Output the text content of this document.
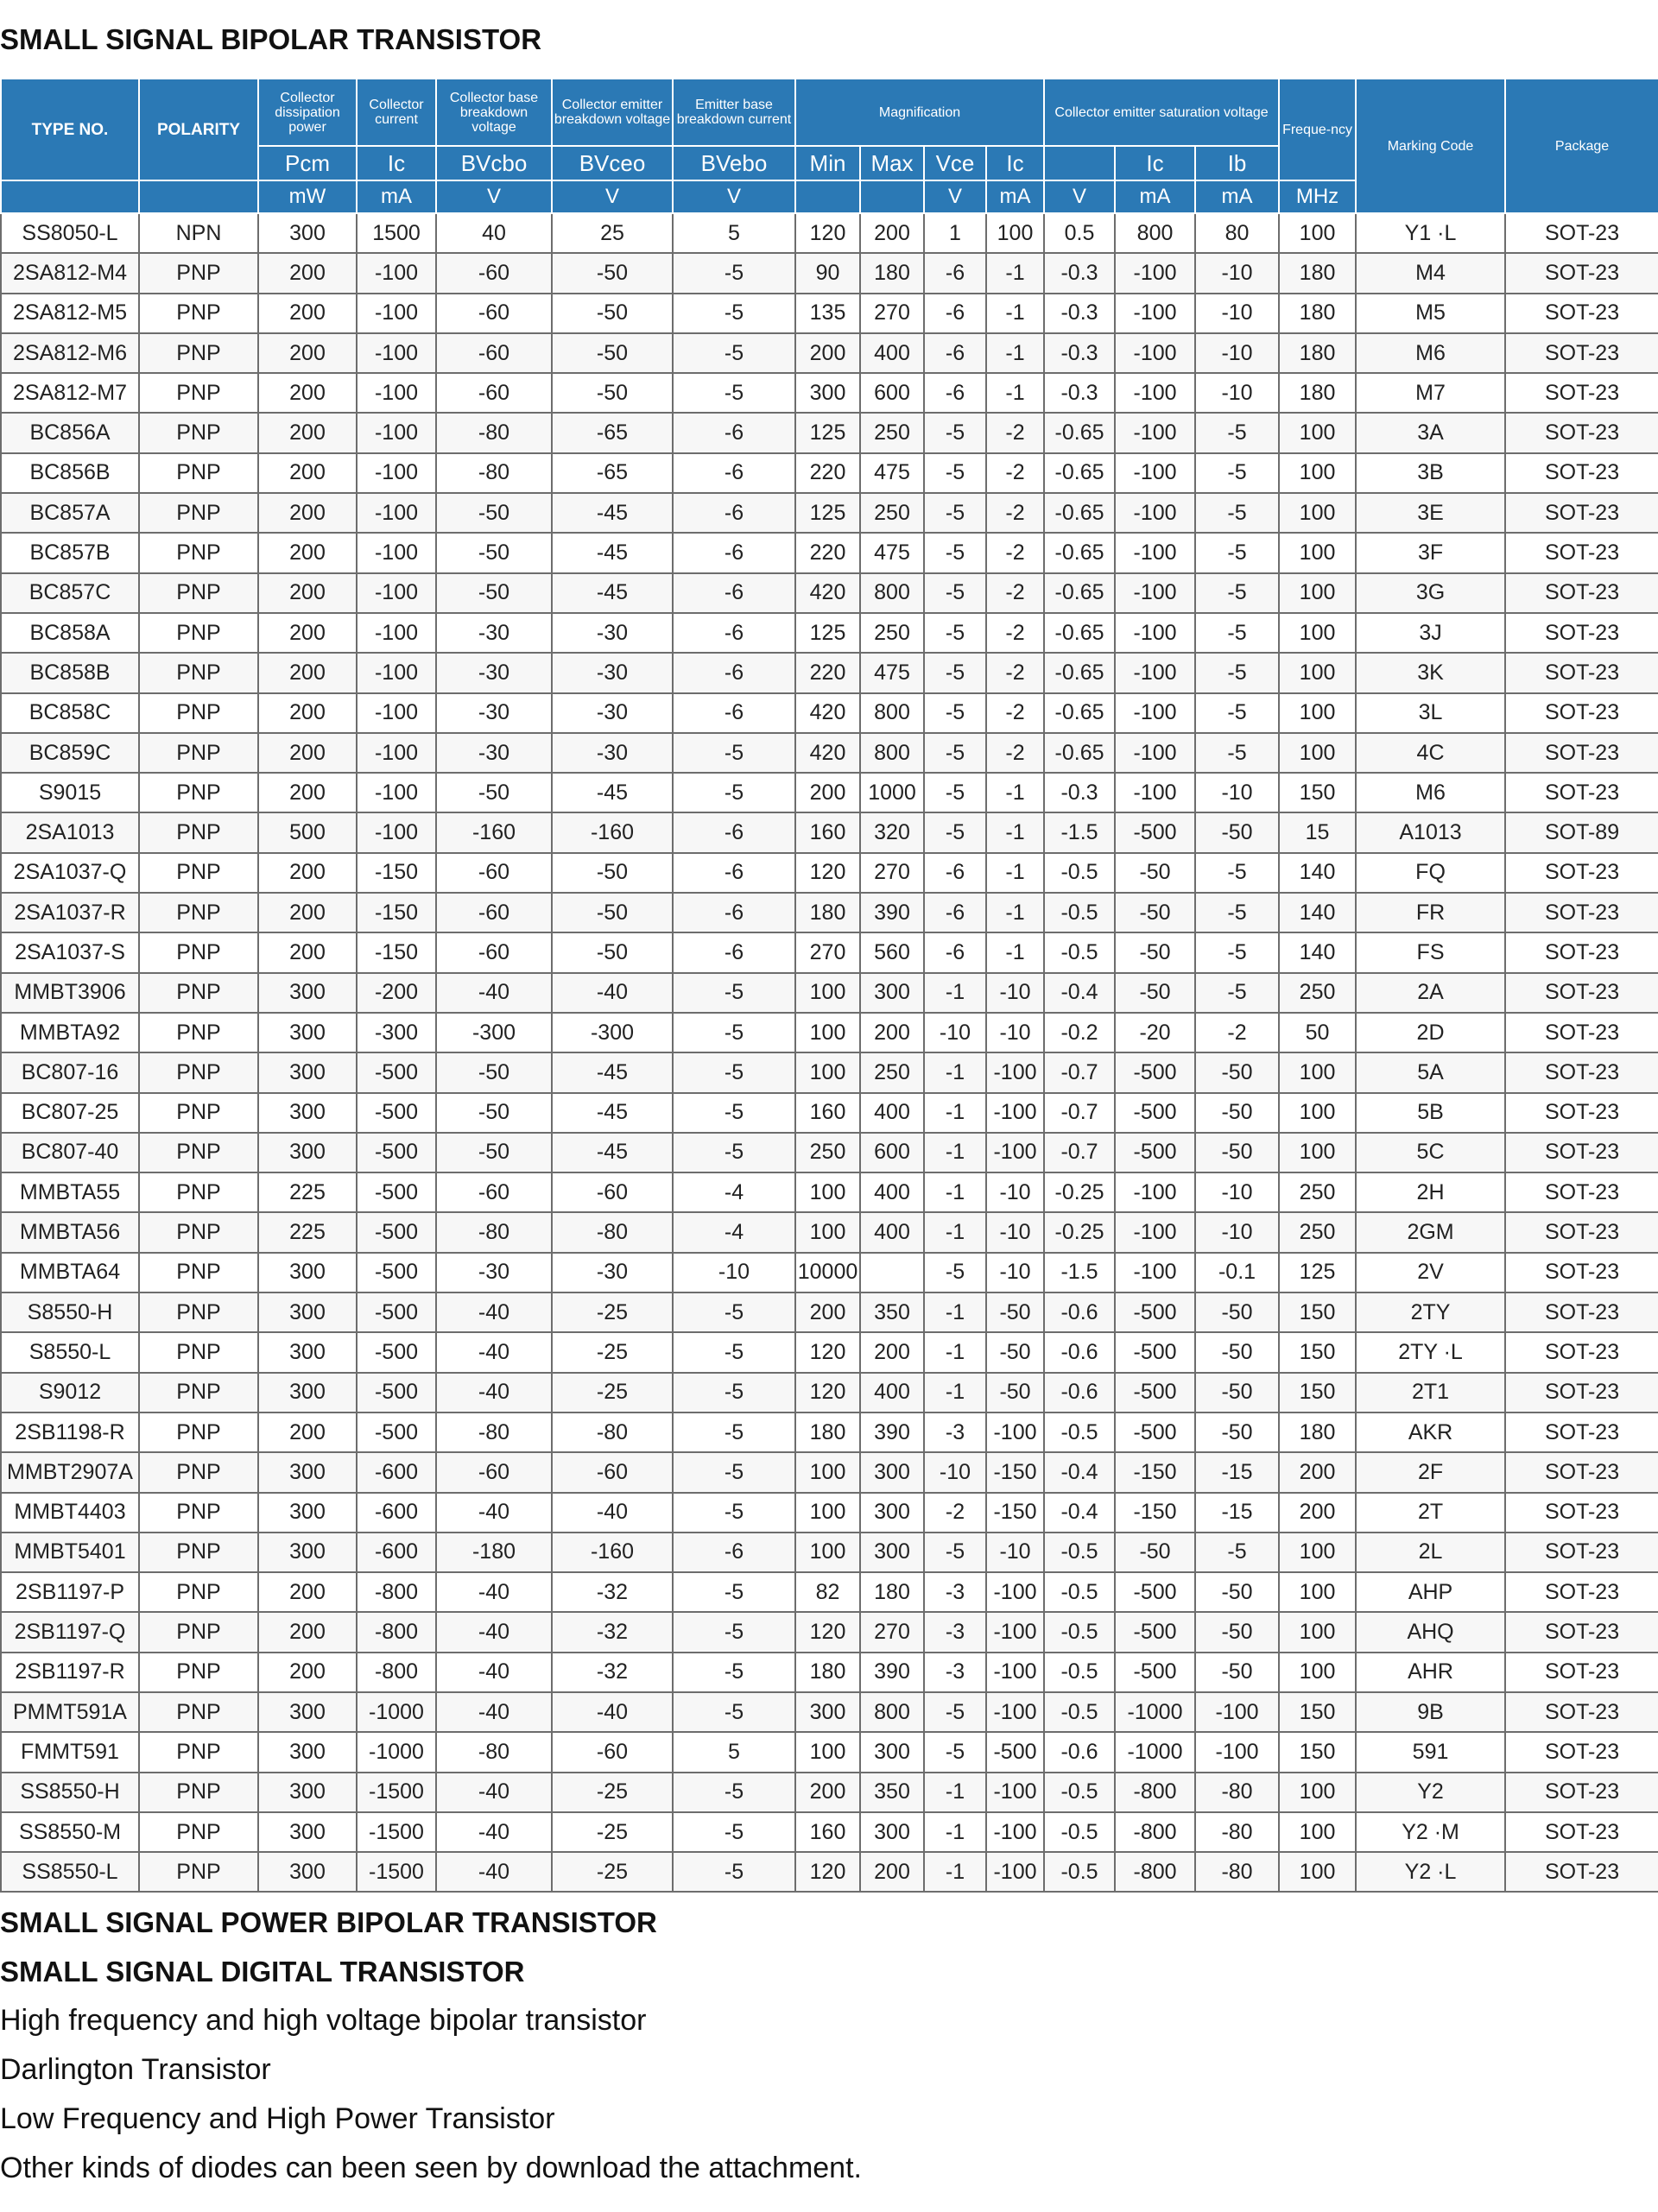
SMALL SIGNAL BIPOLAR TRANSISTOR
TYPE NO.	POLARITY	Collector dissipation power	Collector current	Collector base breakdown voltage	Collector emitter breakdown voltage	Emitter base breakdown current	Magnification				Collector emitter saturation voltage			Freque-ncy	Marking Code	Package
		Pcm	Ic	BVcbo	BVceo	BVebo	Min	Max	Vce	Ic		Ic	Ib			
		mW	mA	V	V	V			V	mA	V	mA	mA	MHz		
SS8050-L	NPN	300	1500	40	25	5	120	200	1	100	0.5	800	80	100	Y1 ·L	SOT-23
2SA812-M4	PNP	200	-100	-60	-50	-5	90	180	-6	-1	-0.3	-100	-10	180	M4	SOT-23
2SA812-M5	PNP	200	-100	-60	-50	-5	135	270	-6	-1	-0.3	-100	-10	180	M5	SOT-23
2SA812-M6	PNP	200	-100	-60	-50	-5	200	400	-6	-1	-0.3	-100	-10	180	M6	SOT-23
2SA812-M7	PNP	200	-100	-60	-50	-5	300	600	-6	-1	-0.3	-100	-10	180	M7	SOT-23
BC856A	PNP	200	-100	-80	-65	-6	125	250	-5	-2	-0.65	-100	-5	100	3A	SOT-23
BC856B	PNP	200	-100	-80	-65	-6	220	475	-5	-2	-0.65	-100	-5	100	3B	SOT-23
BC857A	PNP	200	-100	-50	-45	-6	125	250	-5	-2	-0.65	-100	-5	100	3E	SOT-23
BC857B	PNP	200	-100	-50	-45	-6	220	475	-5	-2	-0.65	-100	-5	100	3F	SOT-23
BC857C	PNP	200	-100	-50	-45	-6	420	800	-5	-2	-0.65	-100	-5	100	3G	SOT-23
BC858A	PNP	200	-100	-30	-30	-6	125	250	-5	-2	-0.65	-100	-5	100	3J	SOT-23
BC858B	PNP	200	-100	-30	-30	-6	220	475	-5	-2	-0.65	-100	-5	100	3K	SOT-23
BC858C	PNP	200	-100	-30	-30	-6	420	800	-5	-2	-0.65	-100	-5	100	3L	SOT-23
BC859C	PNP	200	-100	-30	-30	-5	420	800	-5	-2	-0.65	-100	-5	100	4C	SOT-23
S9015	PNP	200	-100	-50	-45	-5	200	1000	-5	-1	-0.3	-100	-10	150	M6	SOT-23
2SA1013	PNP	500	-100	-160	-160	-6	160	320	-5	-1	-1.5	-500	-50	15	A1013	SOT-89
2SA1037-Q	PNP	200	-150	-60	-50	-6	120	270	-6	-1	-0.5	-50	-5	140	FQ	SOT-23
2SA1037-R	PNP	200	-150	-60	-50	-6	180	390	-6	-1	-0.5	-50	-5	140	FR	SOT-23
2SA1037-S	PNP	200	-150	-60	-50	-6	270	560	-6	-1	-0.5	-50	-5	140	FS	SOT-23
MMBT3906	PNP	300	-200	-40	-40	-5	100	300	-1	-10	-0.4	-50	-5	250	2A	SOT-23
MMBTA92	PNP	300	-300	-300	-300	-5	100	200	-10	-10	-0.2	-20	-2	50	2D	SOT-23
BC807-16	PNP	300	-500	-50	-45	-5	100	250	-1	-100	-0.7	-500	-50	100	5A	SOT-23
BC807-25	PNP	300	-500	-50	-45	-5	160	400	-1	-100	-0.7	-500	-50	100	5B	SOT-23
BC807-40	PNP	300	-500	-50	-45	-5	250	600	-1	-100	-0.7	-500	-50	100	5C	SOT-23
MMBTA55	PNP	225	-500	-60	-60	-4	100	400	-1	-10	-0.25	-100	-10	250	2H	SOT-23
MMBTA56	PNP	225	-500	-80	-80	-4	100	400	-1	-10	-0.25	-100	-10	250	2GM	SOT-23
MMBTA64	PNP	300	-500	-30	-30	-10	10000		-5	-10	-1.5	-100	-0.1	125	2V	SOT-23
S8550-H	PNP	300	-500	-40	-25	-5	200	350	-1	-50	-0.6	-500	-50	150	2TY	SOT-23
S8550-L	PNP	300	-500	-40	-25	-5	120	200	-1	-50	-0.6	-500	-50	150	2TY ·L	SOT-23
S9012	PNP	300	-500	-40	-25	-5	120	400	-1	-50	-0.6	-500	-50	150	2T1	SOT-23
2SB1198-R	PNP	200	-500	-80	-80	-5	180	390	-3	-100	-0.5	-500	-50	180	AKR	SOT-23
MMBT2907A	PNP	300	-600	-60	-60	-5	100	300	-10	-150	-0.4	-150	-15	200	2F	SOT-23
MMBT4403	PNP	300	-600	-40	-40	-5	100	300	-2	-150	-0.4	-150	-15	200	2T	SOT-23
MMBT5401	PNP	300	-600	-180	-160	-6	100	300	-5	-10	-0.5	-50	-5	100	2L	SOT-23
2SB1197-P	PNP	200	-800	-40	-32	-5	82	180	-3	-100	-0.5	-500	-50	100	AHP	SOT-23
2SB1197-Q	PNP	200	-800	-40	-32	-5	120	270	-3	-100	-0.5	-500	-50	100	AHQ	SOT-23
2SB1197-R	PNP	200	-800	-40	-32	-5	180	390	-3	-100	-0.5	-500	-50	100	AHR	SOT-23
PMMT591A	PNP	300	-1000	-40	-40	-5	300	800	-5	-100	-0.5	-1000	-100	150	9B	SOT-23
FMMT591	PNP	300	-1000	-80	-60	5	100	300	-5	-500	-0.6	-1000	-100	150	591	SOT-23
SS8550-H	PNP	300	-1500	-40	-25	-5	200	350	-1	-100	-0.5	-800	-80	100	Y2	SOT-23
SS8550-M	PNP	300	-1500	-40	-25	-5	160	300	-1	-100	-0.5	-800	-80	100	Y2 ·M	SOT-23
SS8550-L	PNP	300	-1500	-40	-25	-5	120	200	-1	-100	-0.5	-800	-80	100	Y2 ·L	SOT-23
SMALL SIGNAL POWER BIPOLAR TRANSISTOR
SMALL SIGNAL DIGITAL TRANSISTOR
High frequency and high voltage bipolar transistor
Darlington Transistor
Low Frequency and High Power Transistor
Other kinds of diodes can been seen by download the attachment.
